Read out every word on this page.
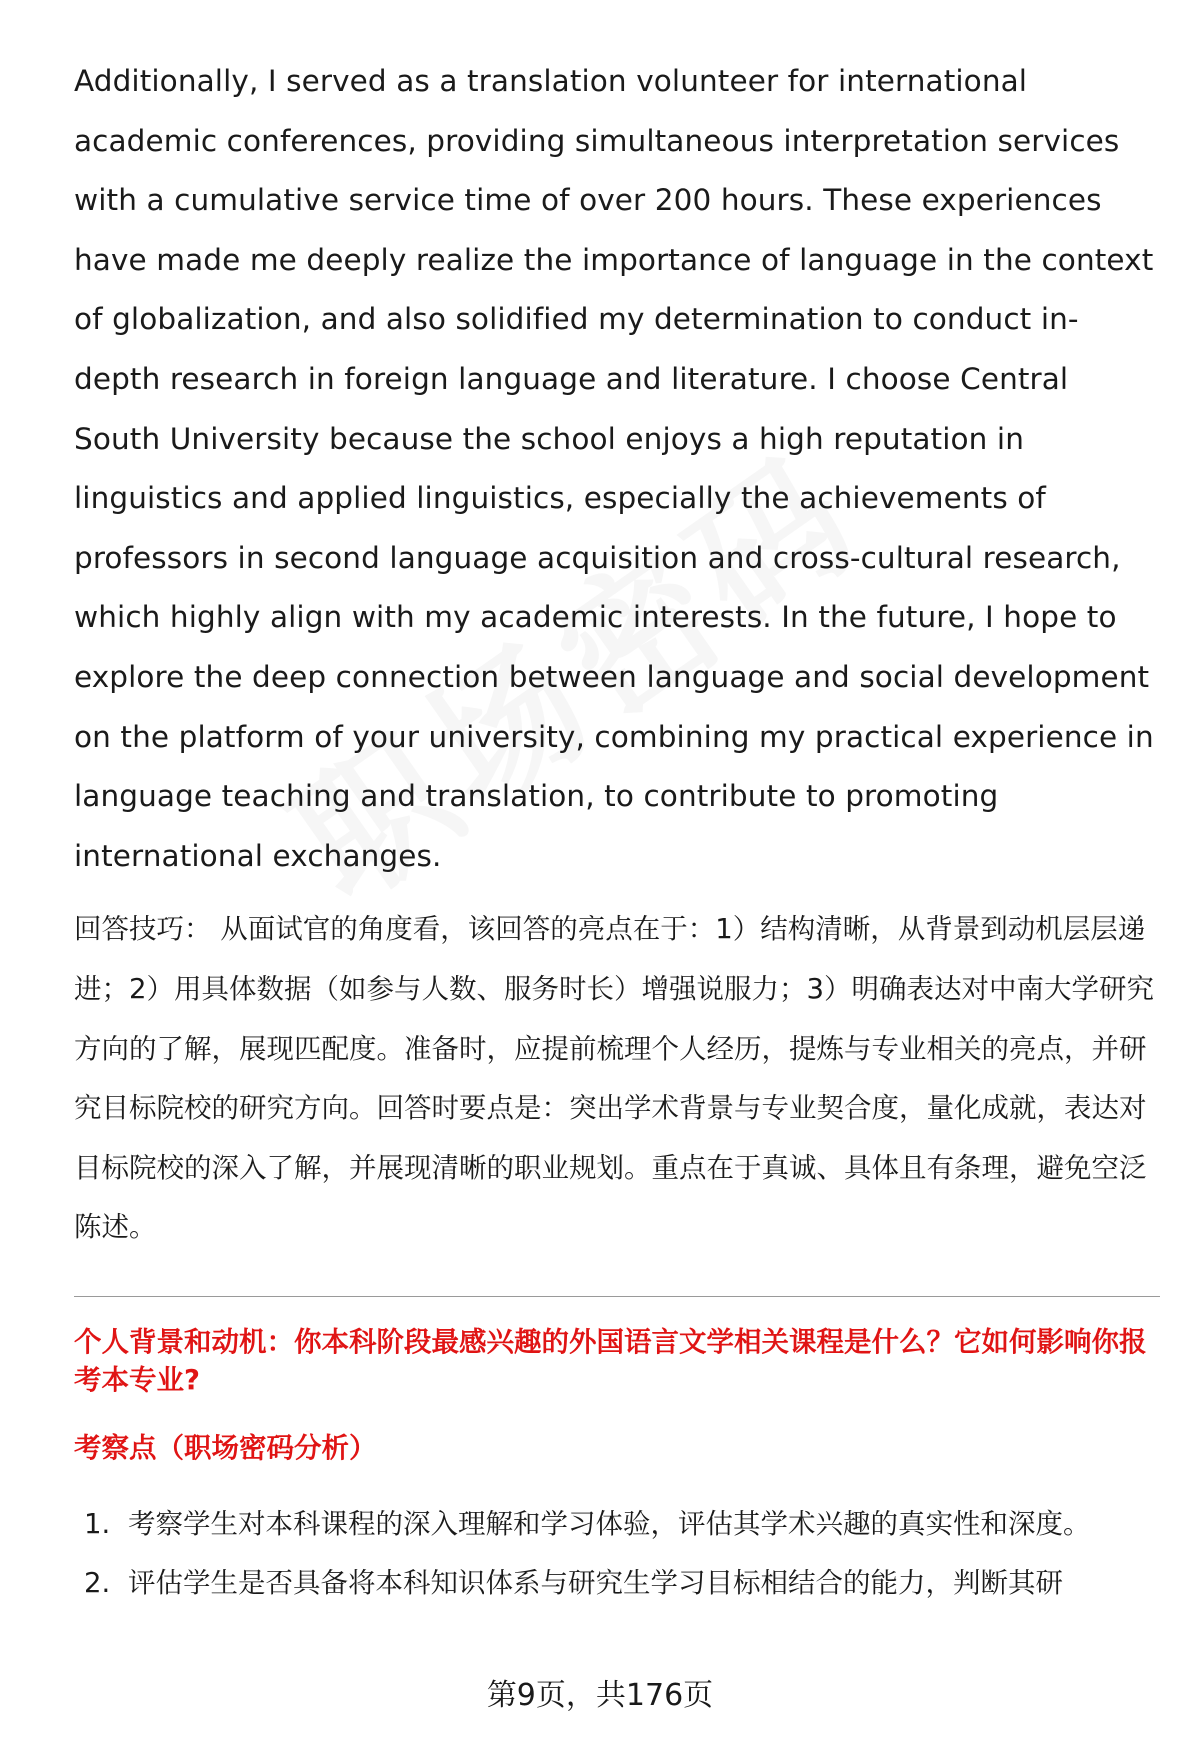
Additionally, I served as a translation volunteer for international academic conferences, providing simultaneous interpretation services with a cumulative service time of over 200 hours. These experiences have made me deeply realize the importance of language in the context of globalization, and also solidified my determination to conduct in-depth research in foreign language and literature. I choose Central South University because the school enjoys a high reputation in linguistics and applied linguistics, especially the achievements of professors in second language acquisition and cross-cultural research, which highly align with my academic interests. In the future, I hope to explore the deep connection between language and social development on the platform of your university, combining my practical experience in language teaching and translation, to contribute to promoting international exchanges.

回答技巧： 从面试官的角度看，该回答的亮点在于：1）结构清晰，从背景到动机层层递进；2）用具体数据（如参与人数、服务时长）增强说服力；3）明确表达对中南大学研究方向的了解，展现匹配度。准备时，应提前梳理个人经历，提炼与专业相关的亮点，并研究目标院校的研究方向。回答时要点是：突出学术背景与专业契合度，量化成就，表达对目标院校的深入了解，并展现清晰的职业规划。重点在于真诚、具体且有条理，避免空泛陈述。

个人背景和动机：你本科阶段最感兴趣的外国语言文学相关课程是什么？它如何影响你报考本专业?
考察点（职场密码分析）
1. 考察学生对本科课程的深入理解和学习体验，评估其学术兴趣的真实性和深度。
2. 评估学生是否具备将本科知识体系与研究生学习目标相结合的能力，判断其研
第9页，共176页
